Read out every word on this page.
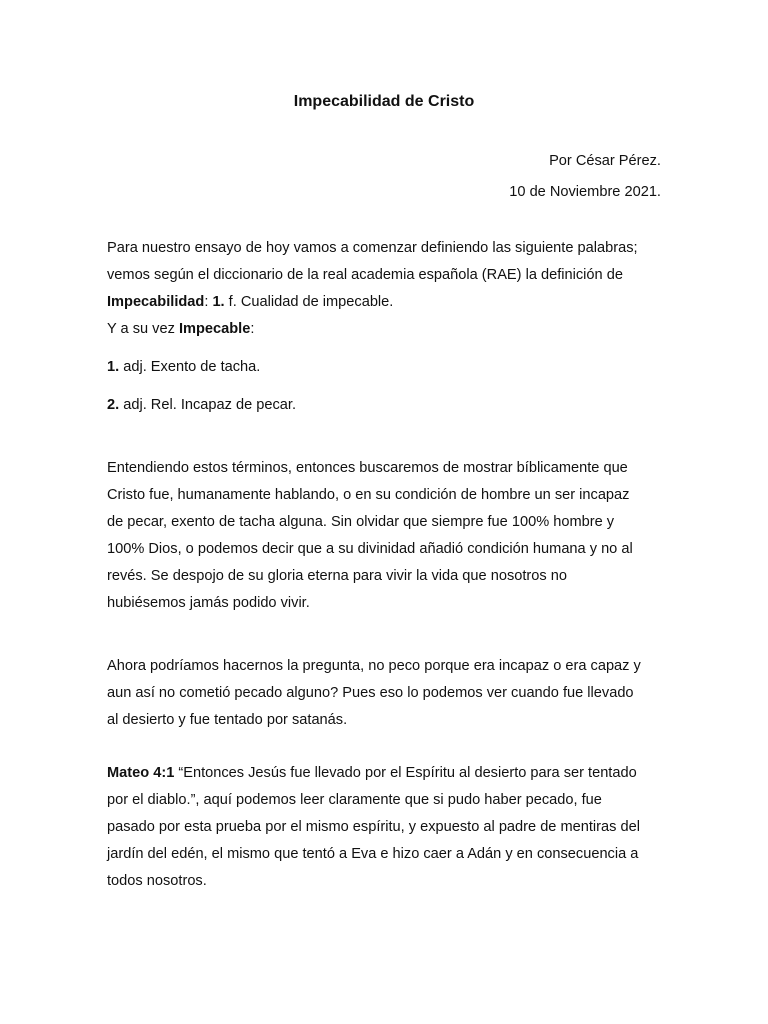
Impecabilidad de Cristo

Por César Pérez.

10 de Noviembre 2021.

Para nuestro ensayo de hoy vamos a comenzar definiendo las siguiente palabras;

vemos según el diccionario de la real academia española (RAE) la definición de

Impecabilidad: 1. f. Cualidad de impecable.

Y a su vez Impecable:

1. adj. Exento de tacha.

2. adj. Rel. Incapaz de pecar.

Entendiendo estos términos, entonces buscaremos de mostrar bíblicamente que

Cristo fue, humanamente hablando, o en su condición de hombre un ser incapaz

de pecar, exento de tacha alguna. Sin olvidar que siempre fue 100% hombre y

100% Dios, o podemos decir que a su divinidad añadió condición humana y no al

revés. Se despojo de su gloria eterna para vivir la vida que nosotros no

hubiésemos jamás podido vivir.

Ahora podríamos hacernos la pregunta, no peco porque era incapaz o era capaz y

aun así no cometió pecado alguno? Pues eso lo podemos ver cuando fue llevado

al desierto y fue tentado por satanás.

Mateo 4:1 “Entonces Jesús fue llevado por el Espíritu al desierto para ser tentado

por el diablo.”, aquí podemos leer claramente que si pudo haber pecado, fue

pasado por esta prueba por el mismo espíritu, y expuesto al padre de mentiras del

jardín del edén, el mismo que tentó a Eva e hizo caer a Adán y en consecuencia a

todos nosotros.
